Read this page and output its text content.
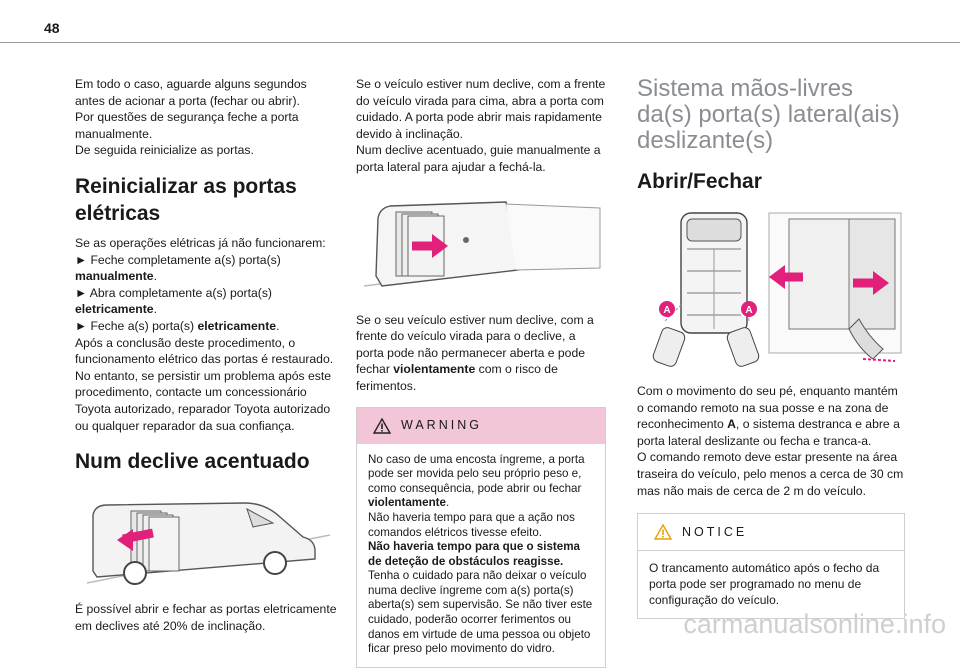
48

Em todo o caso, aguarde alguns segundos antes de acionar a porta (fechar ou abrir).

Por questões de segurança feche a porta manualmente.

De seguida reinicialize as portas.

Reinicializar as portas elétricas

Se as operações elétricas já não funcionarem:

► Feche completamente a(s) porta(s) manualmente.

► Abra completamente a(s) porta(s) eletricamente.

► Feche a(s) porta(s) eletricamente.

Após a conclusão deste procedimento, o funcionamento elétrico das portas é restaurado.

No entanto, se persistir um problema após este procedimento, contacte um concessionário Toyota autorizado, reparador Toyota autorizado ou qualquer reparador da sua confiança.

Num declive acentuado

É possível abrir e fechar as portas eletricamente em declives até 20% de inclinação.

Se o veículo estiver num declive, com a frente do veículo virada para cima, abra a porta com cuidado. A porta pode abrir mais rapidamente devido à inclinação.

Num declive acentuado, guie manualmente a porta lateral para ajudar a fechá-la.

Se o seu veículo estiver num declive, com a frente do veículo virada para o declive, a porta pode não permanecer aberta e pode fechar violentamente com o risco de ferimentos.

WARNING

No caso de uma encosta íngreme, a porta pode ser movida pelo seu próprio peso e, como consequência, pode abrir ou fechar violentamente.

Não haveria tempo para que a ação nos comandos elétricos tivesse efeito.

Não haveria tempo para que o sistema de deteção de obstáculos reagisse.

Tenha o cuidado para não deixar o veículo numa declive íngreme com a(s) porta(s) aberta(s) sem supervisão. Se não tiver este cuidado, poderão ocorrer ferimentos ou danos em virtude de uma pessoa ou objeto ficar preso pelo movimento do vidro.

Sistema mãos-livres da(s) porta(s) lateral(ais) deslizante(s)
Abrir/Fechar
A	A

Com o movimento do seu pé, enquanto mantém o comando remoto na sua posse e na zona de reconhecimento A, o sistema destranca e abre a porta lateral deslizante ou fecha e tranca-a.

O comando remoto deve estar presente na área traseira do veículo, pelo menos a cerca de 30 cm mas não mais de cerca de 2 m do veículo.

NOTICE

O trancamento automático após o fecho da porta pode ser programado no menu de configuração do veículo.

carmanualsonline.info
